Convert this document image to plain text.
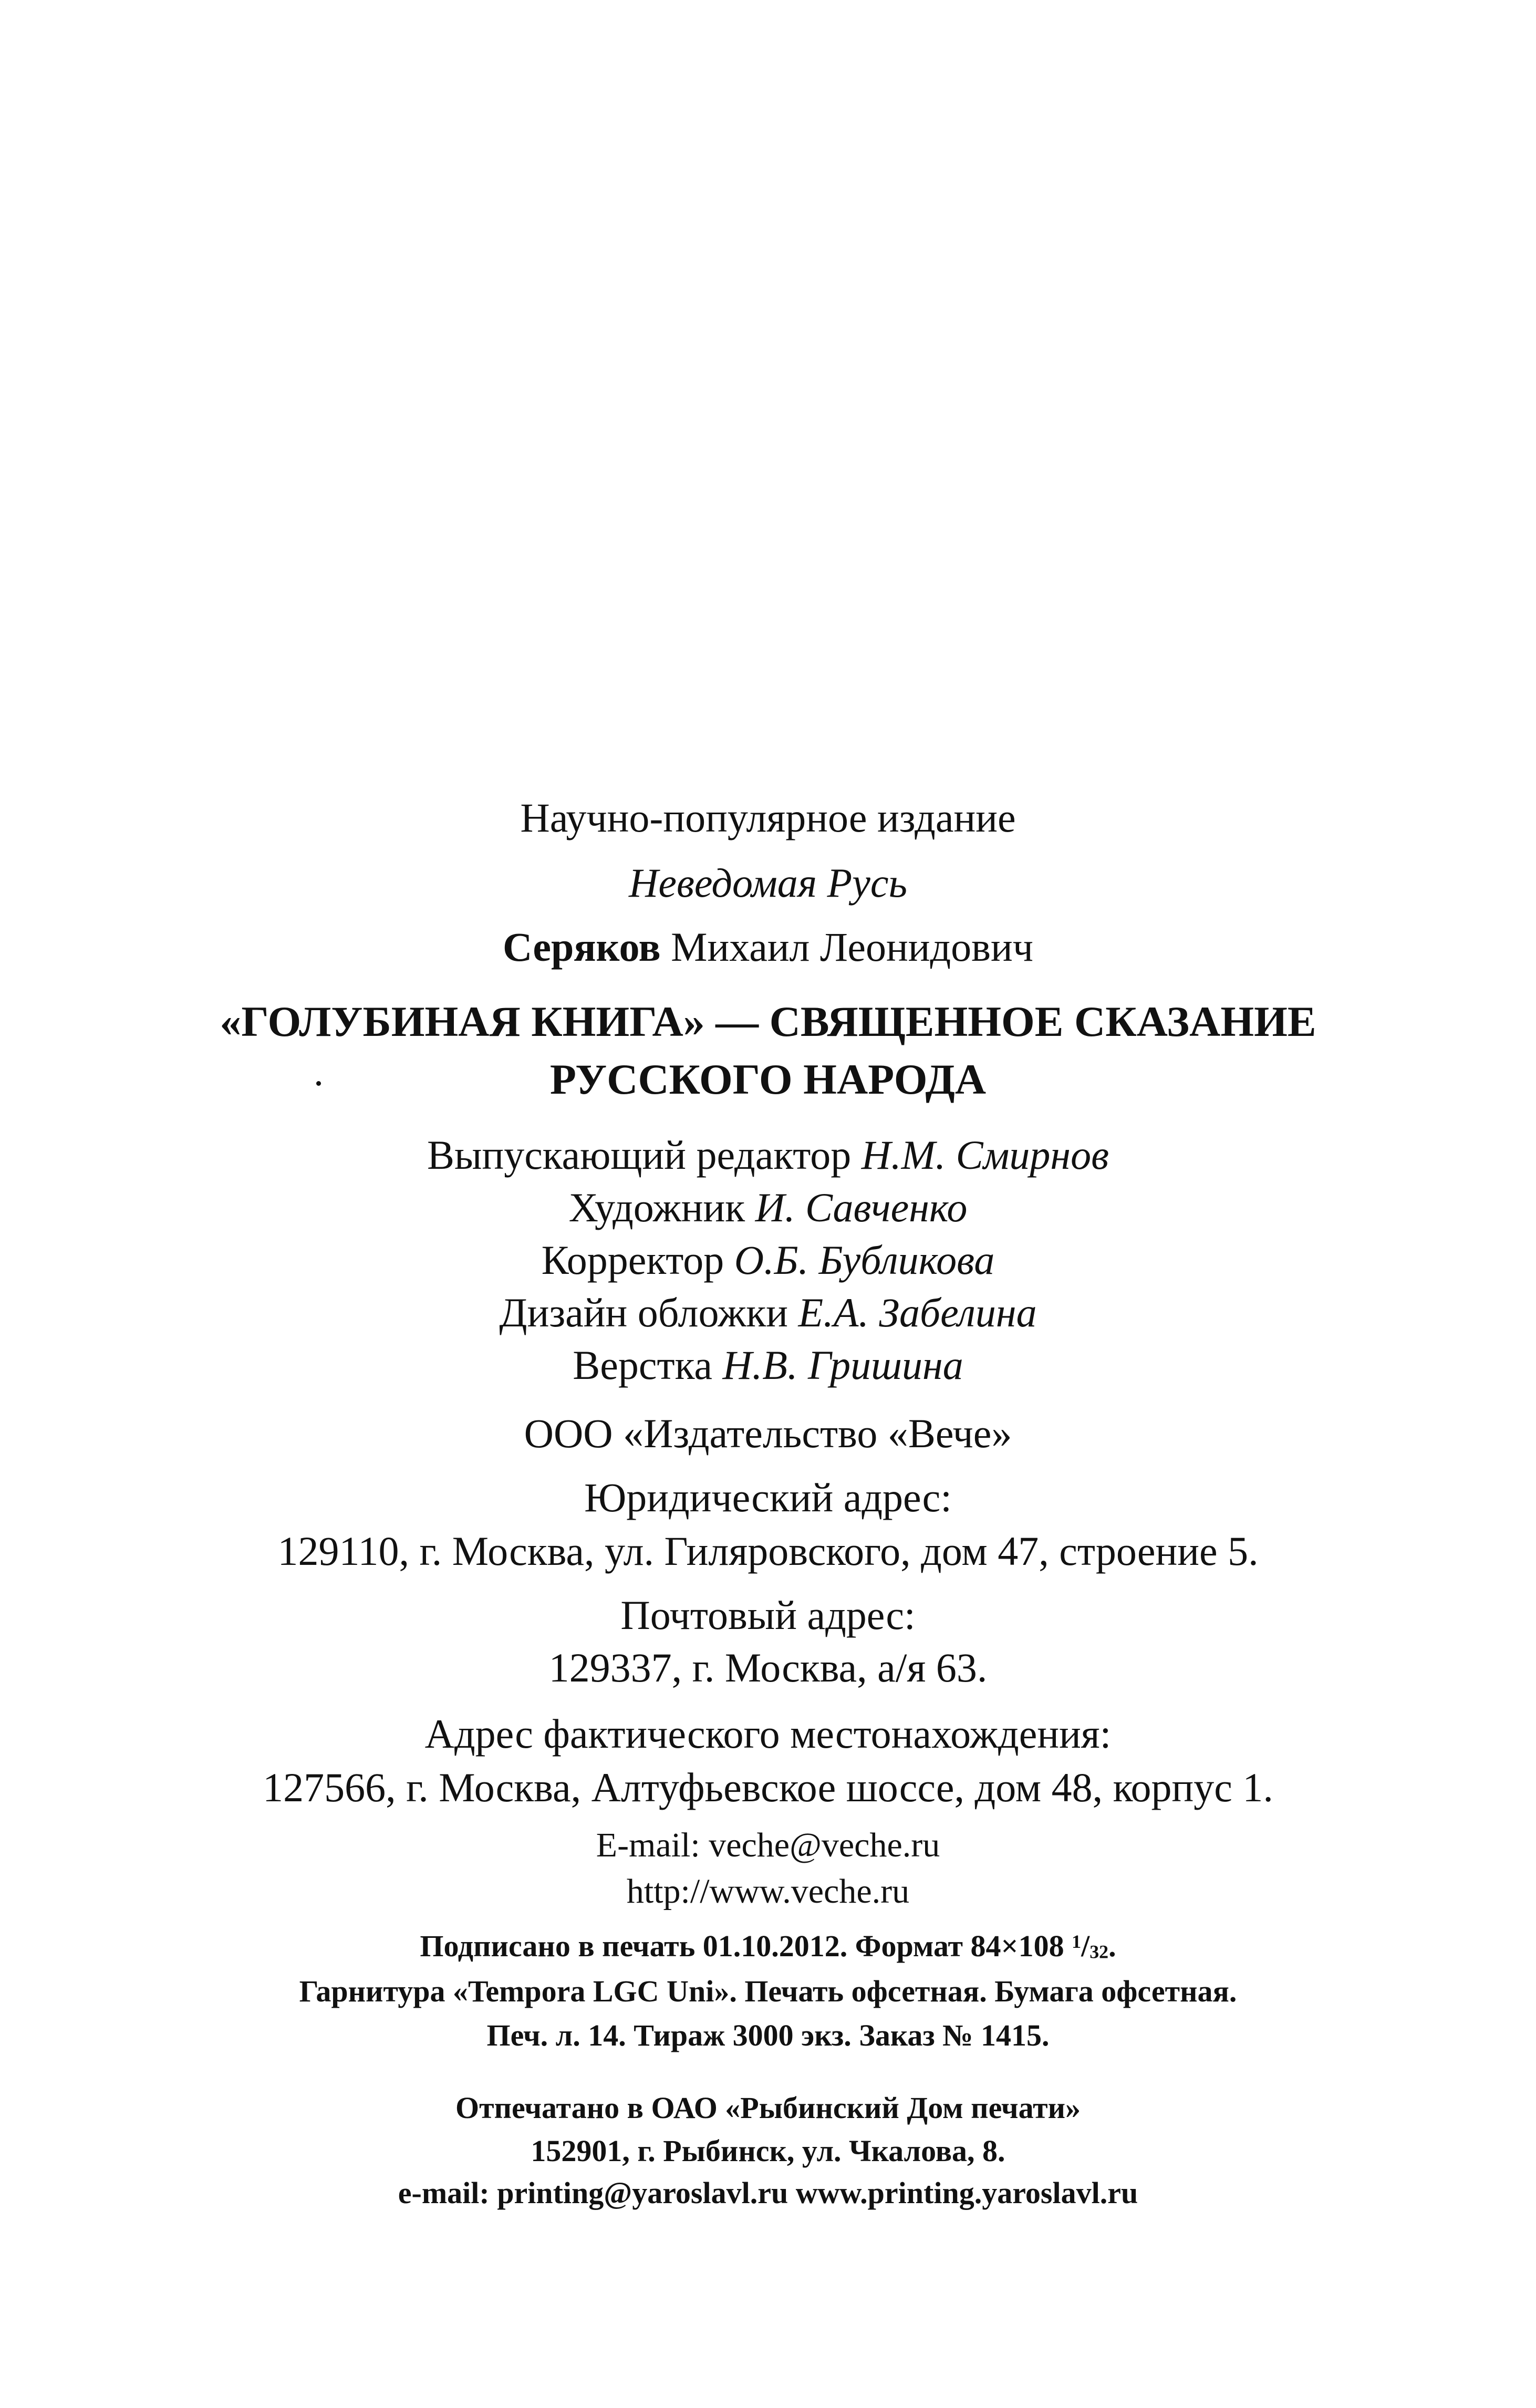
Научно-популярное издание
Неведомая Русь
Серяков Михаил Леонидович
«ГОЛУБИНАЯ КНИГА» — СВЯЩЕННОЕ СКАЗАНИЕ
РУССКОГО НАРОДА
Выпускающий редактор Н.М. Смирнов
Художник И. Савченко
Корректор О.Б. Бубликова
Дизайн обложки Е.А. Забелина
Верстка Н.В. Гришина
ООО «Издательство «Вече»
Юридический адрес:
129110, г. Москва, ул. Гиляровского, дом 47, строение 5.
Почтовый адрес:
129337, г. Москва, а/я 63.
Адрес фактического местонахождения:
127566, г. Москва, Алтуфьевское шоссе, дом 48, корпус 1.
E-mail: veche@veche.ru
http://www.veche.ru
Подписано в печать 01.10.2012. Формат 84×108 $^1$/32.
Гарнитура «Tempora LGC Uni». Печать офсетная. Бумага офсетная.
Печ. л. 14. Тираж 3000 экз. Заказ № 1415.
Отпечатано в ОАО «Рыбинский Дом печати»
152901, г. Рыбинск, ул. Чкалова, 8.
e-mail: printing@yaroslavl.ru www.printing.yaroslavl.ru
